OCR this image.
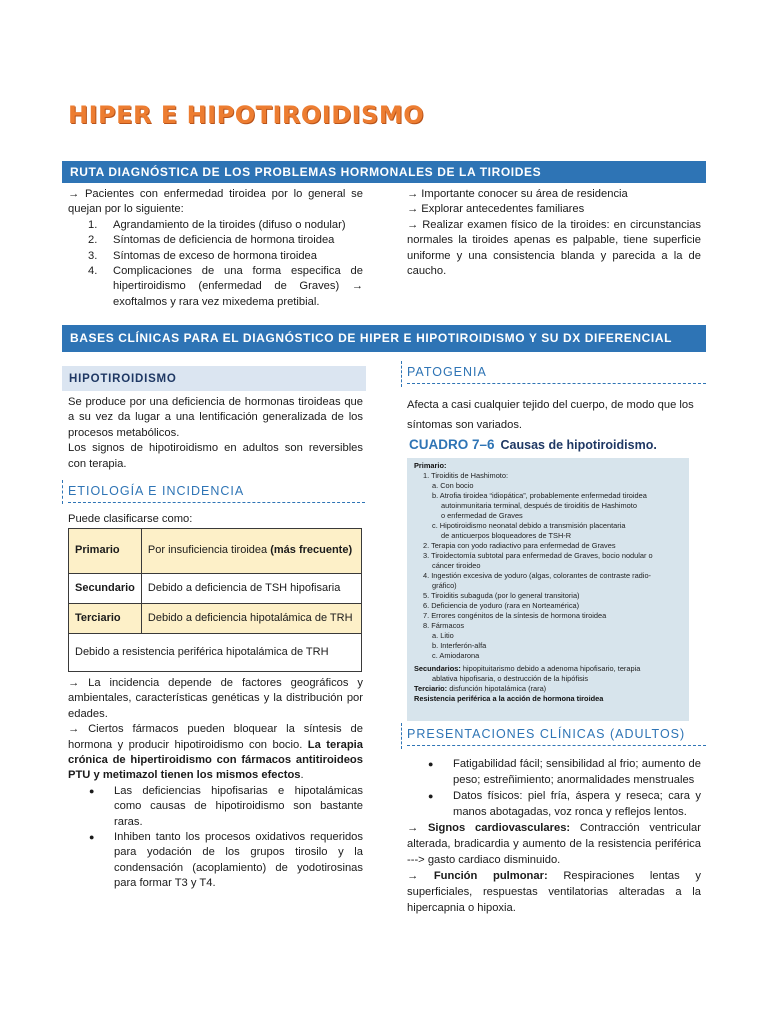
HIPER E HIPOTIROIDISMO
RUTA DIAGNÓSTICA DE LOS PROBLEMAS HORMONALES DE LA TIROIDES

→ Pacientes con enfermedad tiroidea por lo general se quejan por lo siguiente:

1. Agrandamiento de la tiroides (difuso o nodular)
2. Síntomas de deficiencia de hormona tiroidea
3. Síntomas de exceso de hormona tiroidea
4. Complicaciones de una forma especifica de hipertiroidismo (enfermedad de Graves) → exoftalmos y rara vez mixedema pretibial.

→ Importante conocer su área de residencia

→ Explorar antecedentes familiares

→ Realizar examen físico de la tiroides: en circunstancias normales la tiroides apenas es palpable, tiene superficie uniforme y una consistencia blanda y parecida a la de caucho.

BASES CLÍNICAS PARA EL DIAGNÓSTICO DE HIPER E HIPOTIROIDISMO Y SU DX DIFERENCIAL
HIPOTIROIDISMO

Se produce por una deficiencia de hormonas tiroideas que a su vez da lugar a una lentificación generalizada de los procesos metabólicos.

Los signos de hipotiroidismo en adultos son reversibles con terapia.

ETIOLOGÍA E INCIDENCIA
Puede clasificarse como:
Primario	Por insuficiencia tiroidea (más frecuente)
Secundario	Debido a deficiencia de TSH hipofisaria
Terciario	Debido a deficiencia hipotalámica de TRH
Debido a resistencia periférica hipotalámica de TRH	

→ La incidencia depende de factores geográficos y ambientales, características genéticas y la distribución por edades.

→ Ciertos fármacos pueden bloquear la síntesis de hormona y producir hipotiroidismo con bocio. La terapia crónica de hipertiroidismo con fármacos antitiroideos PTU y metimazol tienen los mismos efectos.

● Las deficiencias hipofisarias e hipotalámicas como causas de hipotiroidismo son bastante raras.
● Inhiben tanto los procesos oxidativos requeridos para yodación de los grupos tirosilo y la condensación (acoplamiento) de yodotirosinas para formar T3 y T4.
PATOGENIA
Afecta a casi cualquier tejido del cuerpo, de modo que los síntomas son variados.
CUADRO 7–6 Causas de hipotiroidismo.
Primario:
1. Tiroiditis de Hashimoto:
a. Con bocio
b. Atrofia tiroidea “idiopática”, probablemente enfermedad tiroidea
autoinmunitaria terminal, después de tiroiditis de Hashimoto
o enfermedad de Graves
c. Hipotiroidismo neonatal debido a transmisión placentaria
de anticuerpos bloqueadores de TSH-R
2. Terapia con yodo radiactivo para enfermedad de Graves
3. Tiroidectomía subtotal para enfermedad de Graves, bocio nodular o
cáncer tiroideo
4. Ingestión excesiva de yoduro (algas, colorantes de contraste radio-
gráfico)
5. Tiroiditis subaguda (por lo general transitoria)
6. Deficiencia de yoduro (rara en Norteamérica)
7. Errores congénitos de la síntesis de hormona tiroidea
8. Fármacos
a. Litio
b. Interferón-alfa
c. Amiodarona
Secundarios: hipopituitarismo debido a adenoma hipofisario, terapia
ablativa hipofisaria, o destrucción de la hipófisis
Terciario: disfunción hipotalámica (rara)
Resistencia periférica a la acción de hormona tiroidea
PRESENTACIONES CLÍNICAS (ADULTOS)
● Fatigabilidad fácil; sensibilidad al frio; aumento de peso; estreñimiento; anormalidades menstruales
● Datos físicos: piel fría, áspera y reseca; cara y manos abotagadas, voz ronca y reflejos lentos.

→ Signos cardiovasculares: Contracción ventricular alterada, bradicardia y aumento de la resistencia periférica ---> gasto cardiaco disminuido.

→ Función pulmonar: Respiraciones lentas y superficiales, respuestas ventilatorias alteradas a la hipercapnia o hipoxia.
